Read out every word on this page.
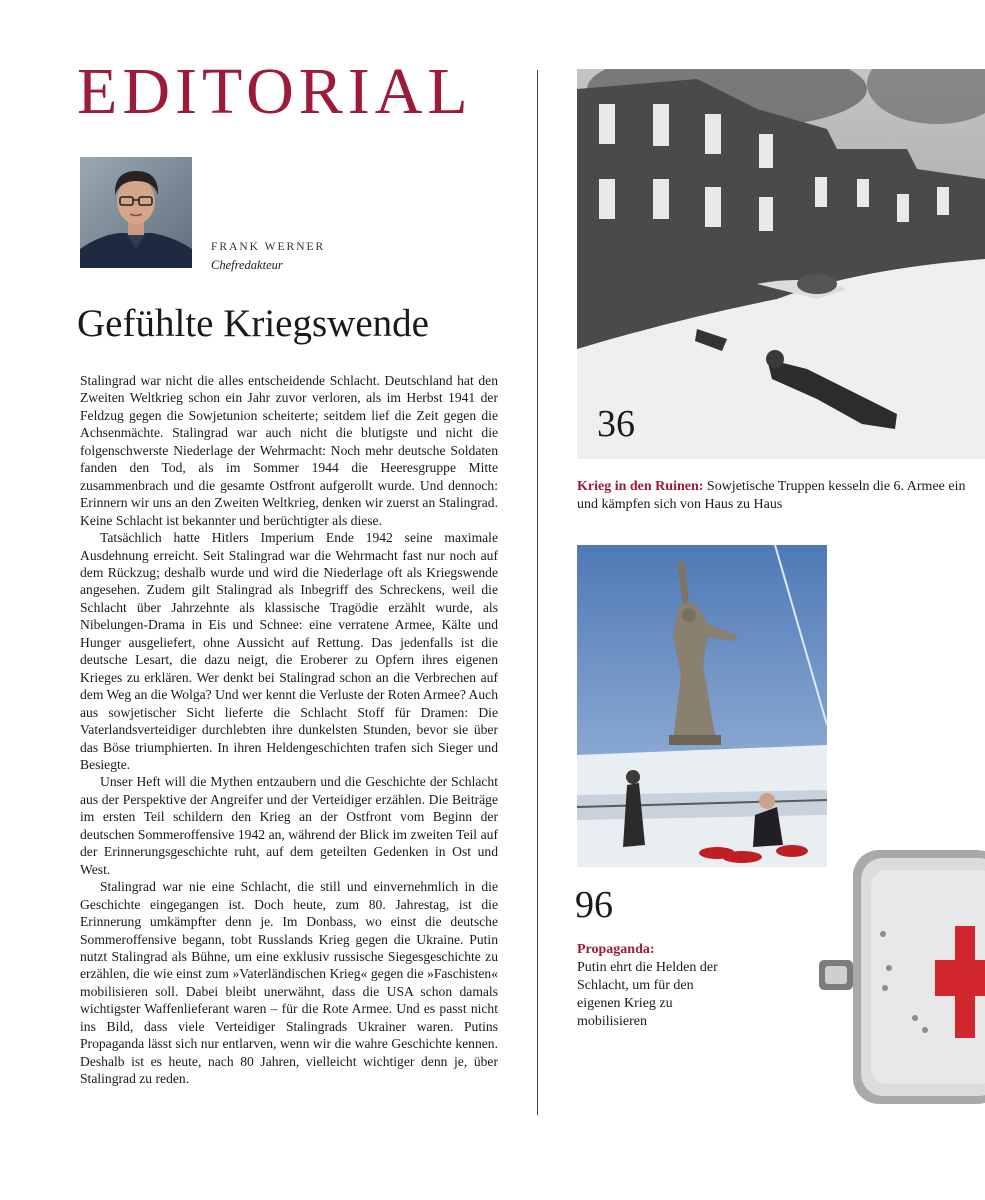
EDITORIAL
FRANK WERNER
Chefredakteur
Gefühlte Kriegswende

Stalingrad war nicht die alles entscheidende Schlacht. Deutschland hat den Zweiten Weltkrieg schon ein Jahr zuvor verloren, als im Herbst 1941 der Feldzug gegen die Sowjetunion scheiterte; seitdem lief die Zeit gegen die Achsenmächte. Stalingrad war auch nicht die blutigste und nicht die folgenschwerste Niederlage der Wehrmacht: Noch mehr deutsche Soldaten fanden den Tod, als im Sommer 1944 die Heeresgruppe Mitte zusammenbrach und die gesamte Ostfront aufgerollt wurde. Und dennoch: Erinnern wir uns an den Zweiten Weltkrieg, denken wir zuerst an Stalingrad. Keine Schlacht ist bekannter und berüchtigter als diese.

Tatsächlich hatte Hitlers Imperium Ende 1942 seine maximale Ausdehnung erreicht. Seit Stalingrad war die Wehrmacht fast nur noch auf dem Rückzug; deshalb wurde und wird die Niederlage oft als Kriegswende angesehen. Zudem gilt Stalingrad als Inbegriff des Schreckens, weil die Schlacht über Jahrzehnte als klassische Tragödie erzählt wurde, als Nibelungen-Drama in Eis und Schnee: eine verratene Armee, Kälte und Hunger ausgeliefert, ohne Aussicht auf Rettung. Das jedenfalls ist die deutsche Lesart, die dazu neigt, die Eroberer zu Opfern ihres eigenen Krieges zu erklären. Wer denkt bei Stalingrad schon an die Verbrechen auf dem Weg an die Wolga? Und wer kennt die Verluste der Roten Armee? Auch aus sowjetischer Sicht lieferte die Schlacht Stoff für Dramen: Die Vaterlandsverteidiger durchlebten ihre dunkelsten Stunden, bevor sie über das Böse triumphierten. In ihren Heldengeschichten trafen sich Sieger und Besiegte.

Unser Heft will die Mythen entzaubern und die Geschichte der Schlacht aus der Perspektive der Angreifer und der Verteidiger erzählen. Die Beiträge im ersten Teil schildern den Krieg an der Ostfront vom Beginn der deutschen Sommeroffensive 1942 an, während der Blick im zweiten Teil auf der Erinnerungsgeschichte ruht, auf dem geteilten Gedenken in Ost und West.

Stalingrad war nie eine Schlacht, die still und einvernehmlich in die Geschichte eingegangen ist. Doch heute, zum 80. Jahrestag, ist die Erinnerung umkämpfter denn je. Im Donbass, wo einst die deutsche Sommeroffensive begann, tobt Russlands Krieg gegen die Ukraine. Putin nutzt Stalingrad als Bühne, um eine exklusiv russische Siegesgeschichte zu erzählen, die wie einst zum »Vaterländischen Krieg« gegen die »Faschisten« mobilisieren soll. Dabei bleibt unerwähnt, dass die USA schon damals wichtigster Waffenlieferant waren – für die Rote Armee. Und es passt nicht ins Bild, dass viele Verteidiger Stalingrads Ukrainer waren. Putins Propaganda lässt sich nur entlarven, wenn wir die wahre Geschichte kennen. Deshalb ist es heute, nach 80 Jahren, vielleicht wichtiger denn je, über Stalingrad zu reden.

36
Krieg in den Ruinen: Sowjetische Truppen kesseln die 6. Armee ein und kämpfen sich von Haus zu Haus
96
Propaganda:
Putin ehrt die Helden der Schlacht, um für den eigenen Krieg zu mobilisieren
